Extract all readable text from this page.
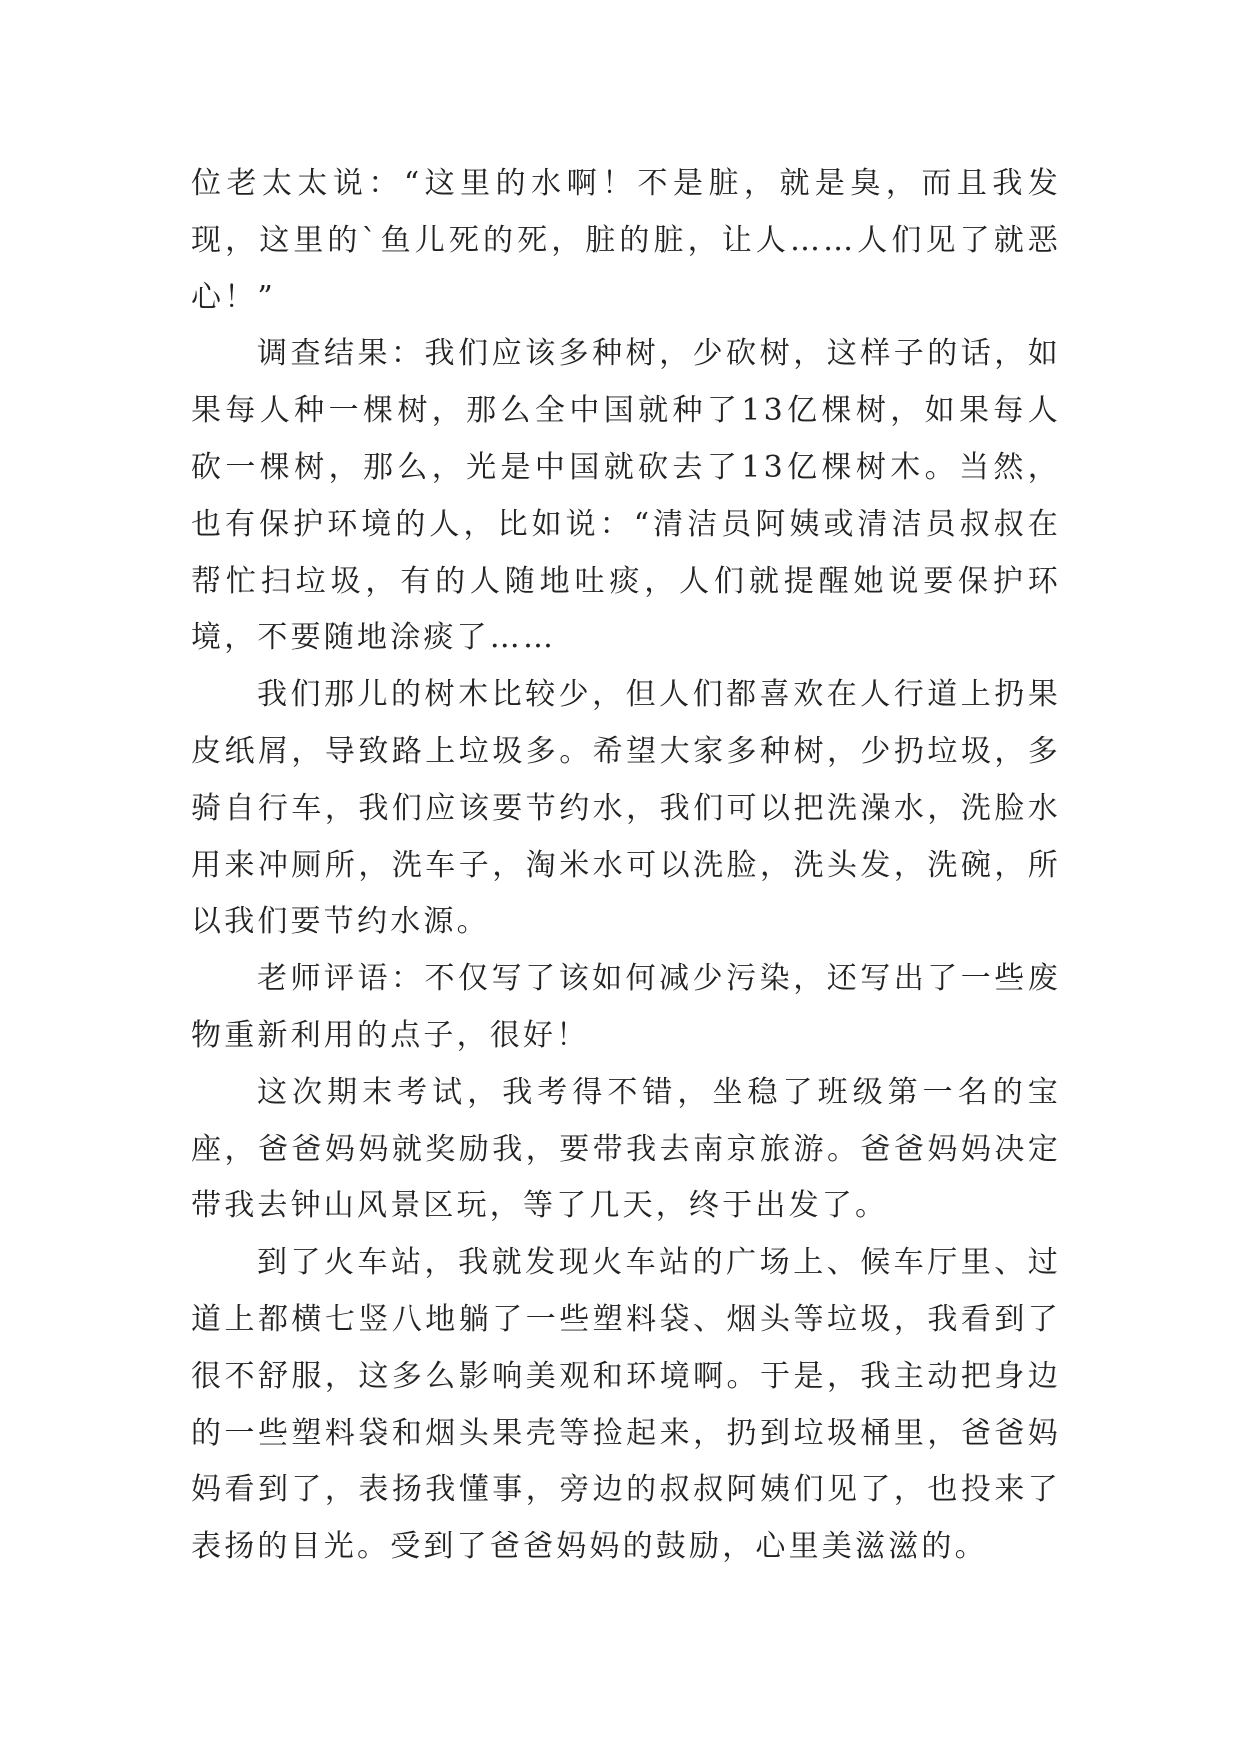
位老太太说：“这里的水啊！不是脏，就是臭，而且我发现，这里的`鱼儿死的死，脏的脏，让人……人们见了就恶心！”

调查结果：我们应该多种树，少砍树，这样子的话，如果每人种一棵树，那么全中国就种了13亿棵树，如果每人砍一棵树，那么，光是中国就砍去了13亿棵树木。当然，也有保护环境的人，比如说：“清洁员阿姨或清洁员叔叔在帮忙扫垃圾，有的人随地吐痰，人们就提醒她说要保护环境，不要随地涂痰了……

我们那儿的树木比较少，但人们都喜欢在人行道上扔果皮纸屑，导致路上垃圾多。希望大家多种树，少扔垃圾，多骑自行车，我们应该要节约水，我们可以把洗澡水，洗脸水用来冲厕所，洗车子，淘米水可以洗脸，洗头发，洗碗，所以我们要节约水源。

老师评语：不仅写了该如何减少污染，还写出了一些废物重新利用的点子，很好！

这次期末考试，我考得不错，坐稳了班级第一名的宝座，爸爸妈妈就奖励我，要带我去南京旅游。爸爸妈妈决定带我去钟山风景区玩，等了几天，终于出发了。

到了火车站，我就发现火车站的广场上、候车厅里、过道上都横七竖八地躺了一些塑料袋、烟头等垃圾，我看到了很不舒服，这多么影响美观和环境啊。于是，我主动把身边的一些塑料袋和烟头果壳等捡起来，扔到垃圾桶里，爸爸妈妈看到了，表扬我懂事，旁边的叔叔阿姨们见了，也投来了表扬的目光。受到了爸爸妈妈的鼓励，心里美滋滋的。
